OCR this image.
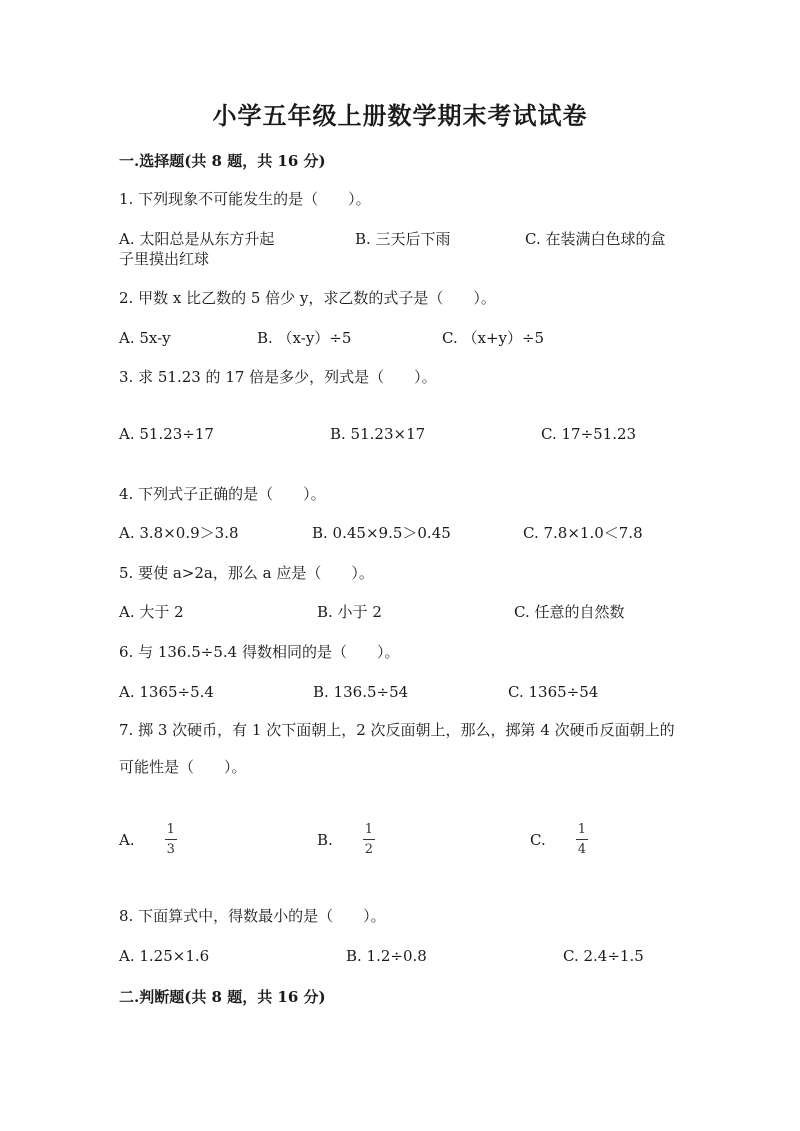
小学五年级上册数学期末考试试卷
一.选择题(共 8 题，共 16 分)
1. 下列现象不可能发生的是（　　）。
A. 太阳总是从东方升起	B. 三天后下雨	C. 在装满白色球的盒
子里摸出红球
2. 甲数 x 比乙数的 5 倍少 y，求乙数的式子是（　　）。
A. 5x-y	B. （x-y）÷5	C. （x+y）÷5
3. 求 51.23 的 17 倍是多少，列式是（　　）。
A. 51.23÷17	B. 51.23×17	C. 17÷51.23
4. 下列式子正确的是（　　）。
A. 3.8×0.9＞3.8	B. 0.45×9.5＞0.45	C. 7.8×1.0＜7.8
5. 要使 a>2a，那么 a 应是（　　）。
A. 大于 2	B. 小于 2	C. 任意的自然数
6. 与 136.5÷5.4 得数相同的是（　　）。
A. 1365÷5.4	B. 136.5÷54	C. 1365÷54
7. 掷 3 次硬币，有 1 次下面朝上，2 次反面朝上，那么，掷第 4 次硬币反面朝上的可能性是（　　）。
A. $\frac{1}{3}$	B. $\frac{1}{2}$	C. $\frac{1}{4}$
8. 下面算式中，得数最小的是（　　）。
A. 1.25×1.6	B. 1.2÷0.8	C. 2.4÷1.5
二.判断题(共 8 题，共 16 分)
